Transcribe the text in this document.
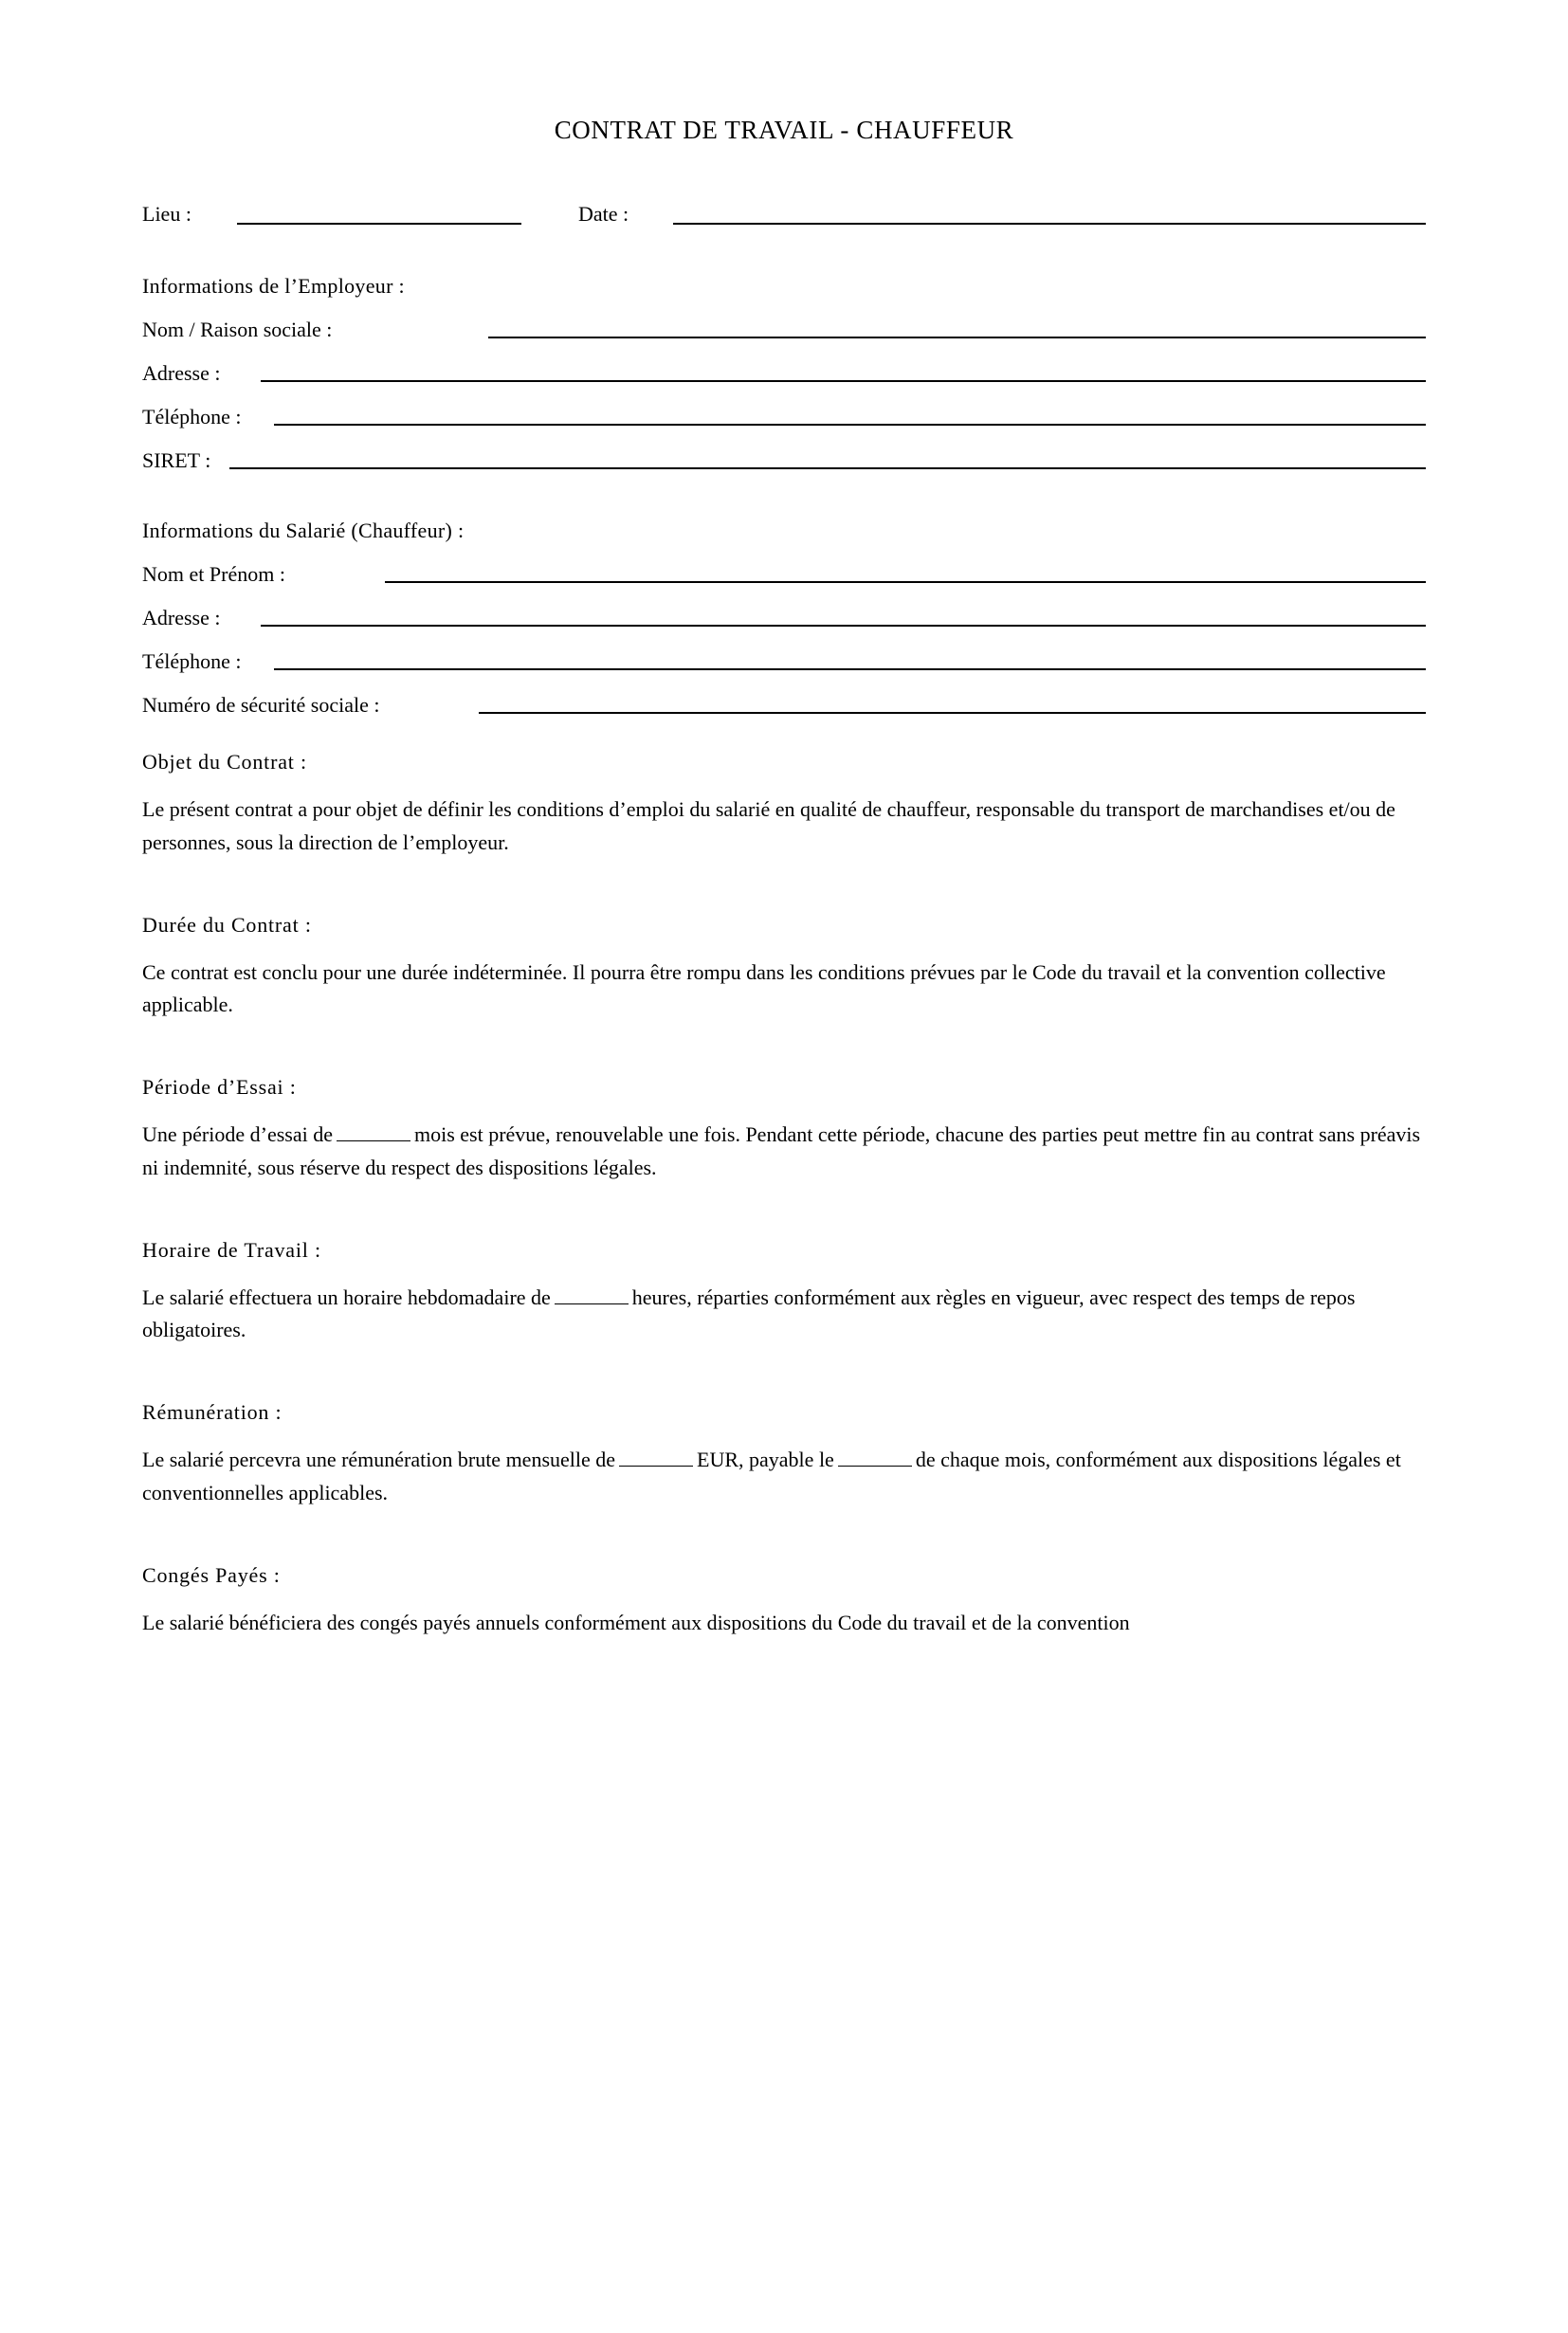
CONTRAT DE TRAVAIL - CHAUFFEUR
Lieu :	Date :
Informations de l’Employeur :
Nom / Raison sociale :
Adresse :
Téléphone :
SIRET :
Informations du Salarié (Chauffeur) :
Nom et Prénom :
Adresse :
Téléphone :
Numéro de sécurité sociale :
Objet du Contrat :
Le présent contrat a pour objet de définir les conditions d’emploi du salarié en qualité de chauffeur, responsable du transport de marchandises et/ou de personnes, sous la direction de l’employeur.
Durée du Contrat :
Ce contrat est conclu pour une durée indéterminée. Il pourra être rompu dans les conditions prévues par le Code du travail et la convention collective applicable.
Période d’Essai :
Une période d’essai de	mois est prévue, renouvelable une fois. Pendant cette période, chacune des parties peut mettre fin au contrat sans préavis ni indemnité, sous réserve du respect des dispositions légales.
Horaire de Travail :
Le salarié effectuera un horaire hebdomadaire de	heures, réparties conformément aux règles en vigueur, avec respect des temps de repos obligatoires.
Rémunération :
Le salarié percevra une rémunération brute mensuelle de	EUR, payable le	de chaque mois, conformément aux dispositions légales et conventionnelles applicables.
Congés Payés :
Le salarié bénéficiera des congés payés annuels conformément aux dispositions du Code du travail et de la convention
